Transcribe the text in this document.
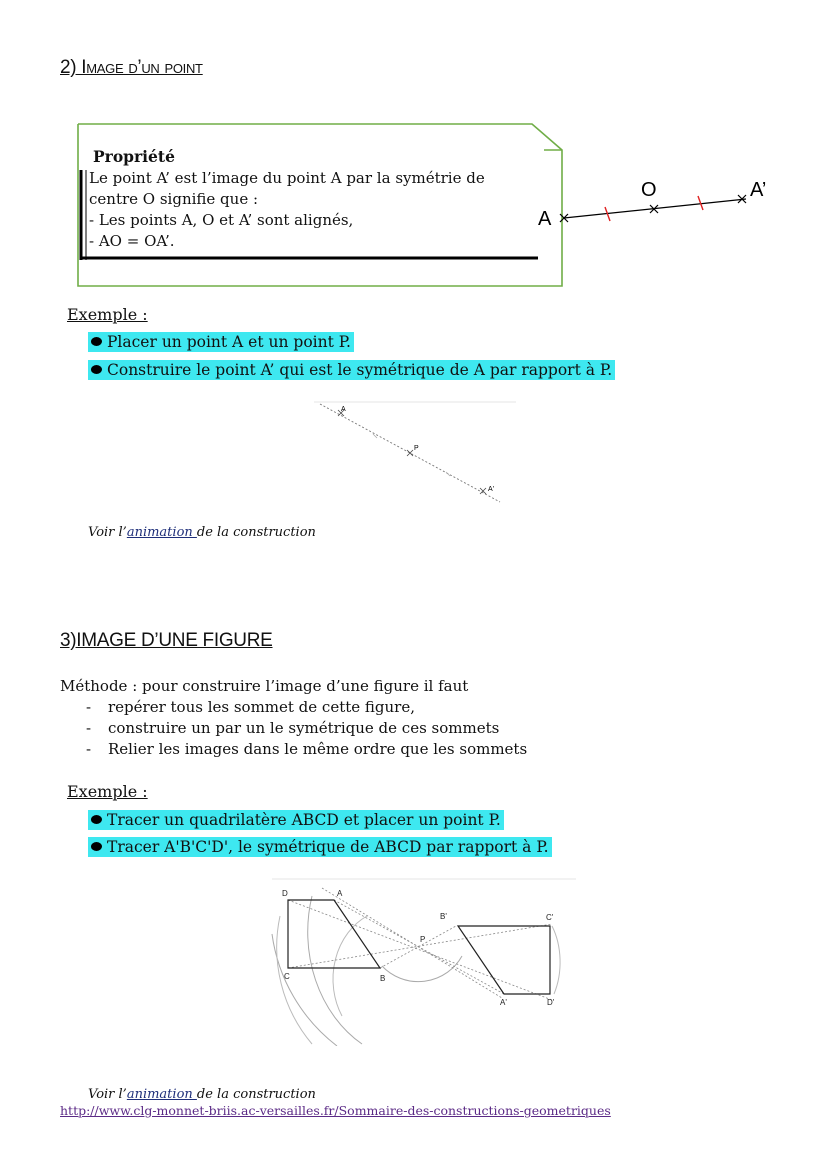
2) Image d’un point
Propriété
Le point A’ est l’image du point A par la symétrie de
centre O signifie que :
- Les points A, O et A’ sont alignés,
- AO = OA’.
A
O	A’
Exemple :
Placer un point A et un point P.
Construire le point A’ qui est le symétrique de A par rapport à P.
A
P
A'
Voir l’animation de la construction
3)IMAGE D’UNE FIGURE
Méthode : pour construire l’image d’une figure il faut
- repérer tous les sommet de cette figure,
- construire un par un le symétrique de ces sommets
- Relier les images dans le même ordre que les sommets
Exemple :
Tracer un quadrilatère ABCD et placer un point P.
Tracer A'B'C'D', le symétrique de ABCD par rapport à P.
D	A
C	B
P
B'	C'
A'	D'
Voir l’animation de la construction
http://www.clg-monnet-briis.ac-versailles.fr/Sommaire-des-constructions-geometriques
